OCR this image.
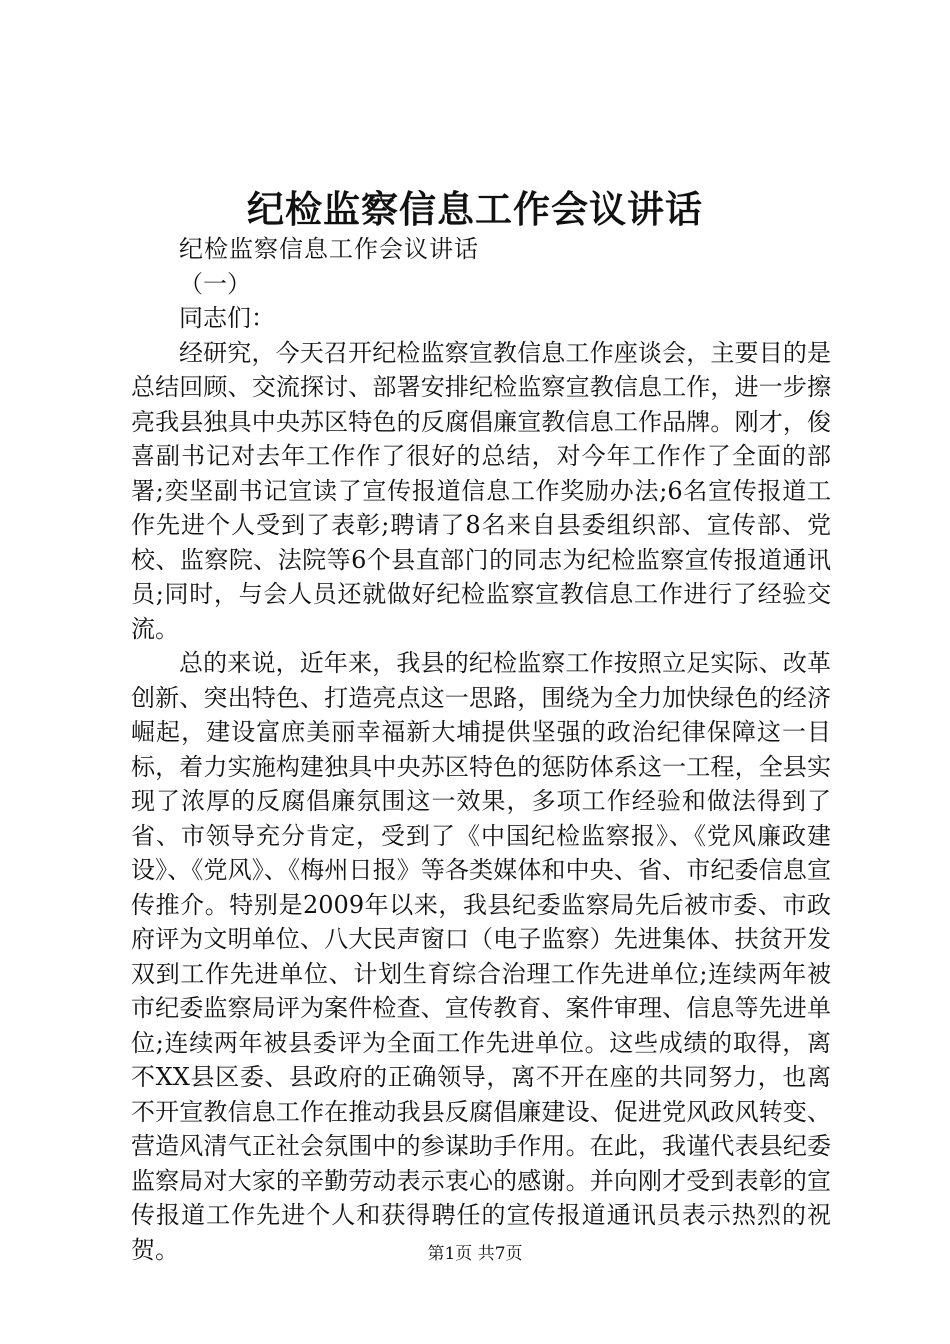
纪检监察信息工作会议讲话

纪检监察信息工作会议讲话

（一）

同志们：

经研究，今天召开纪检监察宣教信息工作座谈会，主要目的是总结回顾、交流探讨、部署安排纪检监察宣教信息工作，进一步擦亮我县独具中央苏区特色的反腐倡廉宣教信息工作品牌。刚才，俊喜副书记对去年工作作了很好的总结，对今年工作作了全面的部署;奕坚副书记宣读了宣传报道信息工作奖励办法;6名宣传报道工作先进个人受到了表彰;聘请了8名来自县委组织部、宣传部、党校、监察院、法院等6个县直部门的同志为纪检监察宣传报道通讯员;同时，与会人员还就做好纪检监察宣教信息工作进行了经验交流。

总的来说，近年来，我县的纪检监察工作按照立足实际、改革创新、突出特色、打造亮点这一思路，围绕为全力加快绿色的经济崛起，建设富庶美丽幸福新大埔提供坚强的政治纪律保障这一目标，着力实施构建独具中央苏区特色的惩防体系这一工程，全县实现了浓厚的反腐倡廉氛围这一效果，多项工作经验和做法得到了省、市领导充分肯定，受到了《中国纪检监察报》、《党风廉政建设》、《党风》、《梅州日报》等各类媒体和中央、省、市纪委信息宣传推介。特别是2009年以来，我县纪委监察局先后被市委、市政府评为文明单位、八大民声窗口（电子监察）先进集体、扶贫开发双到工作先进单位、计划生育综合治理工作先进单位;连续两年被市纪委监察局评为案件检查、宣传教育、案件审理、信息等先进单位;连续两年被县委评为全面工作先进单位。这些成绩的取得，离不XX县区委、县政府的正确领导，离不开在座的共同努力，也离不开宣教信息工作在推动我县反腐倡廉建设、促进党风政风转变、营造风清气正社会氛围中的参谋助手作用。在此，我谨代表县纪委监察局对大家的辛勤劳动表示衷心的感谢。并向刚才受到表彰的宣传报道工作先进个人和获得聘任的宣传报道通讯员表示热烈的祝贺。	第1页 共7页
